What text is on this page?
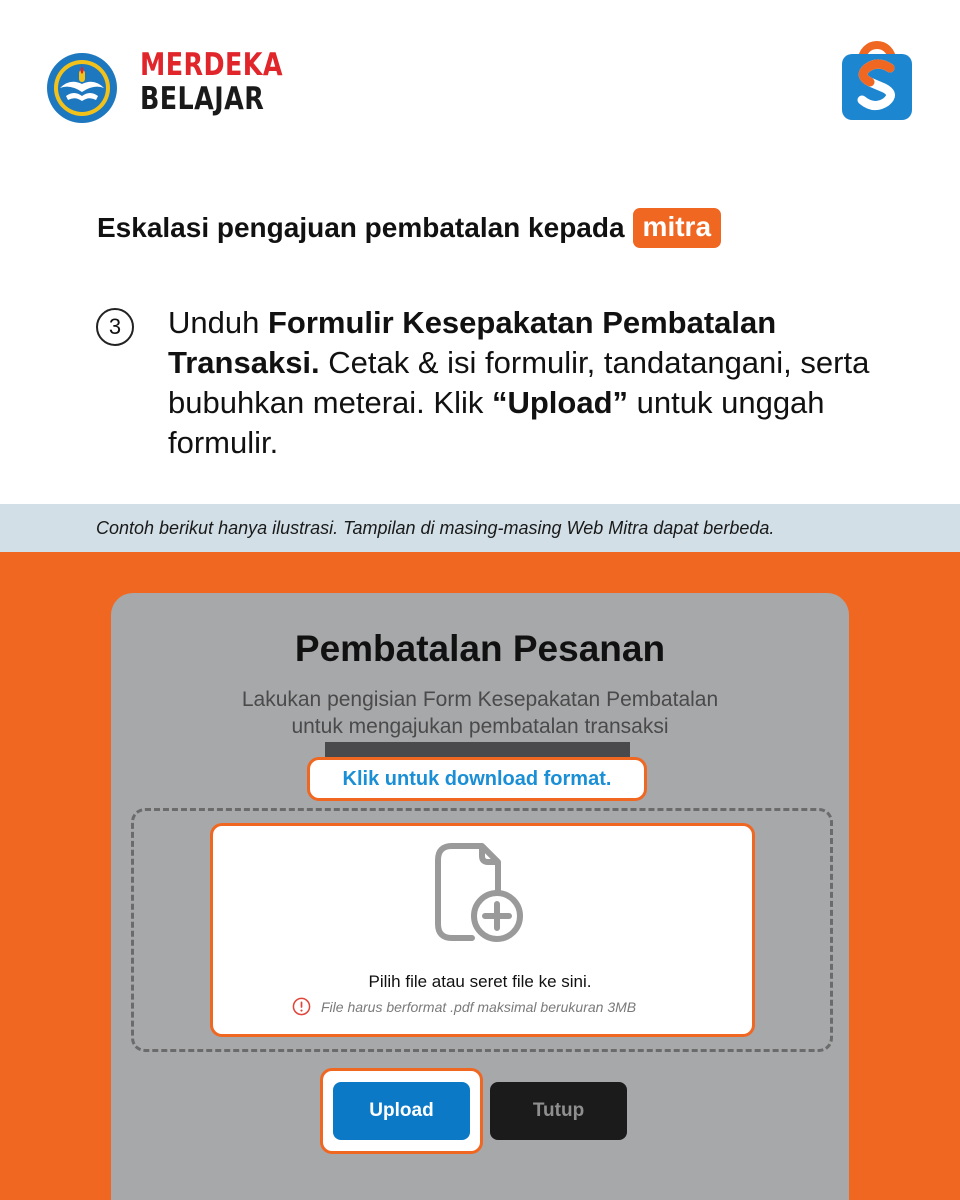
MERDEKA
BELAJAR
Eskalasi pengajuan pembatalan kepada mitra
3	Unduh Formulir Kesepakatan Pembatalan Transaksi. Cetak & isi formulir, tandatangani, serta bubuhkan meterai. Klik “Upload” untuk unggah formulir.
Contoh berikut hanya ilustrasi. Tampilan di masing-masing Web Mitra dapat berbeda.
Pembatalan Pesanan
Lakukan pengisian Form Kesepakatan Pembatalan
untuk mengajukan pembatalan transaksi
Klik untuk download format.
Pilih file atau seret file ke sini.
File harus berformat .pdf maksimal berukuran 3MB
Upload	Tutup
